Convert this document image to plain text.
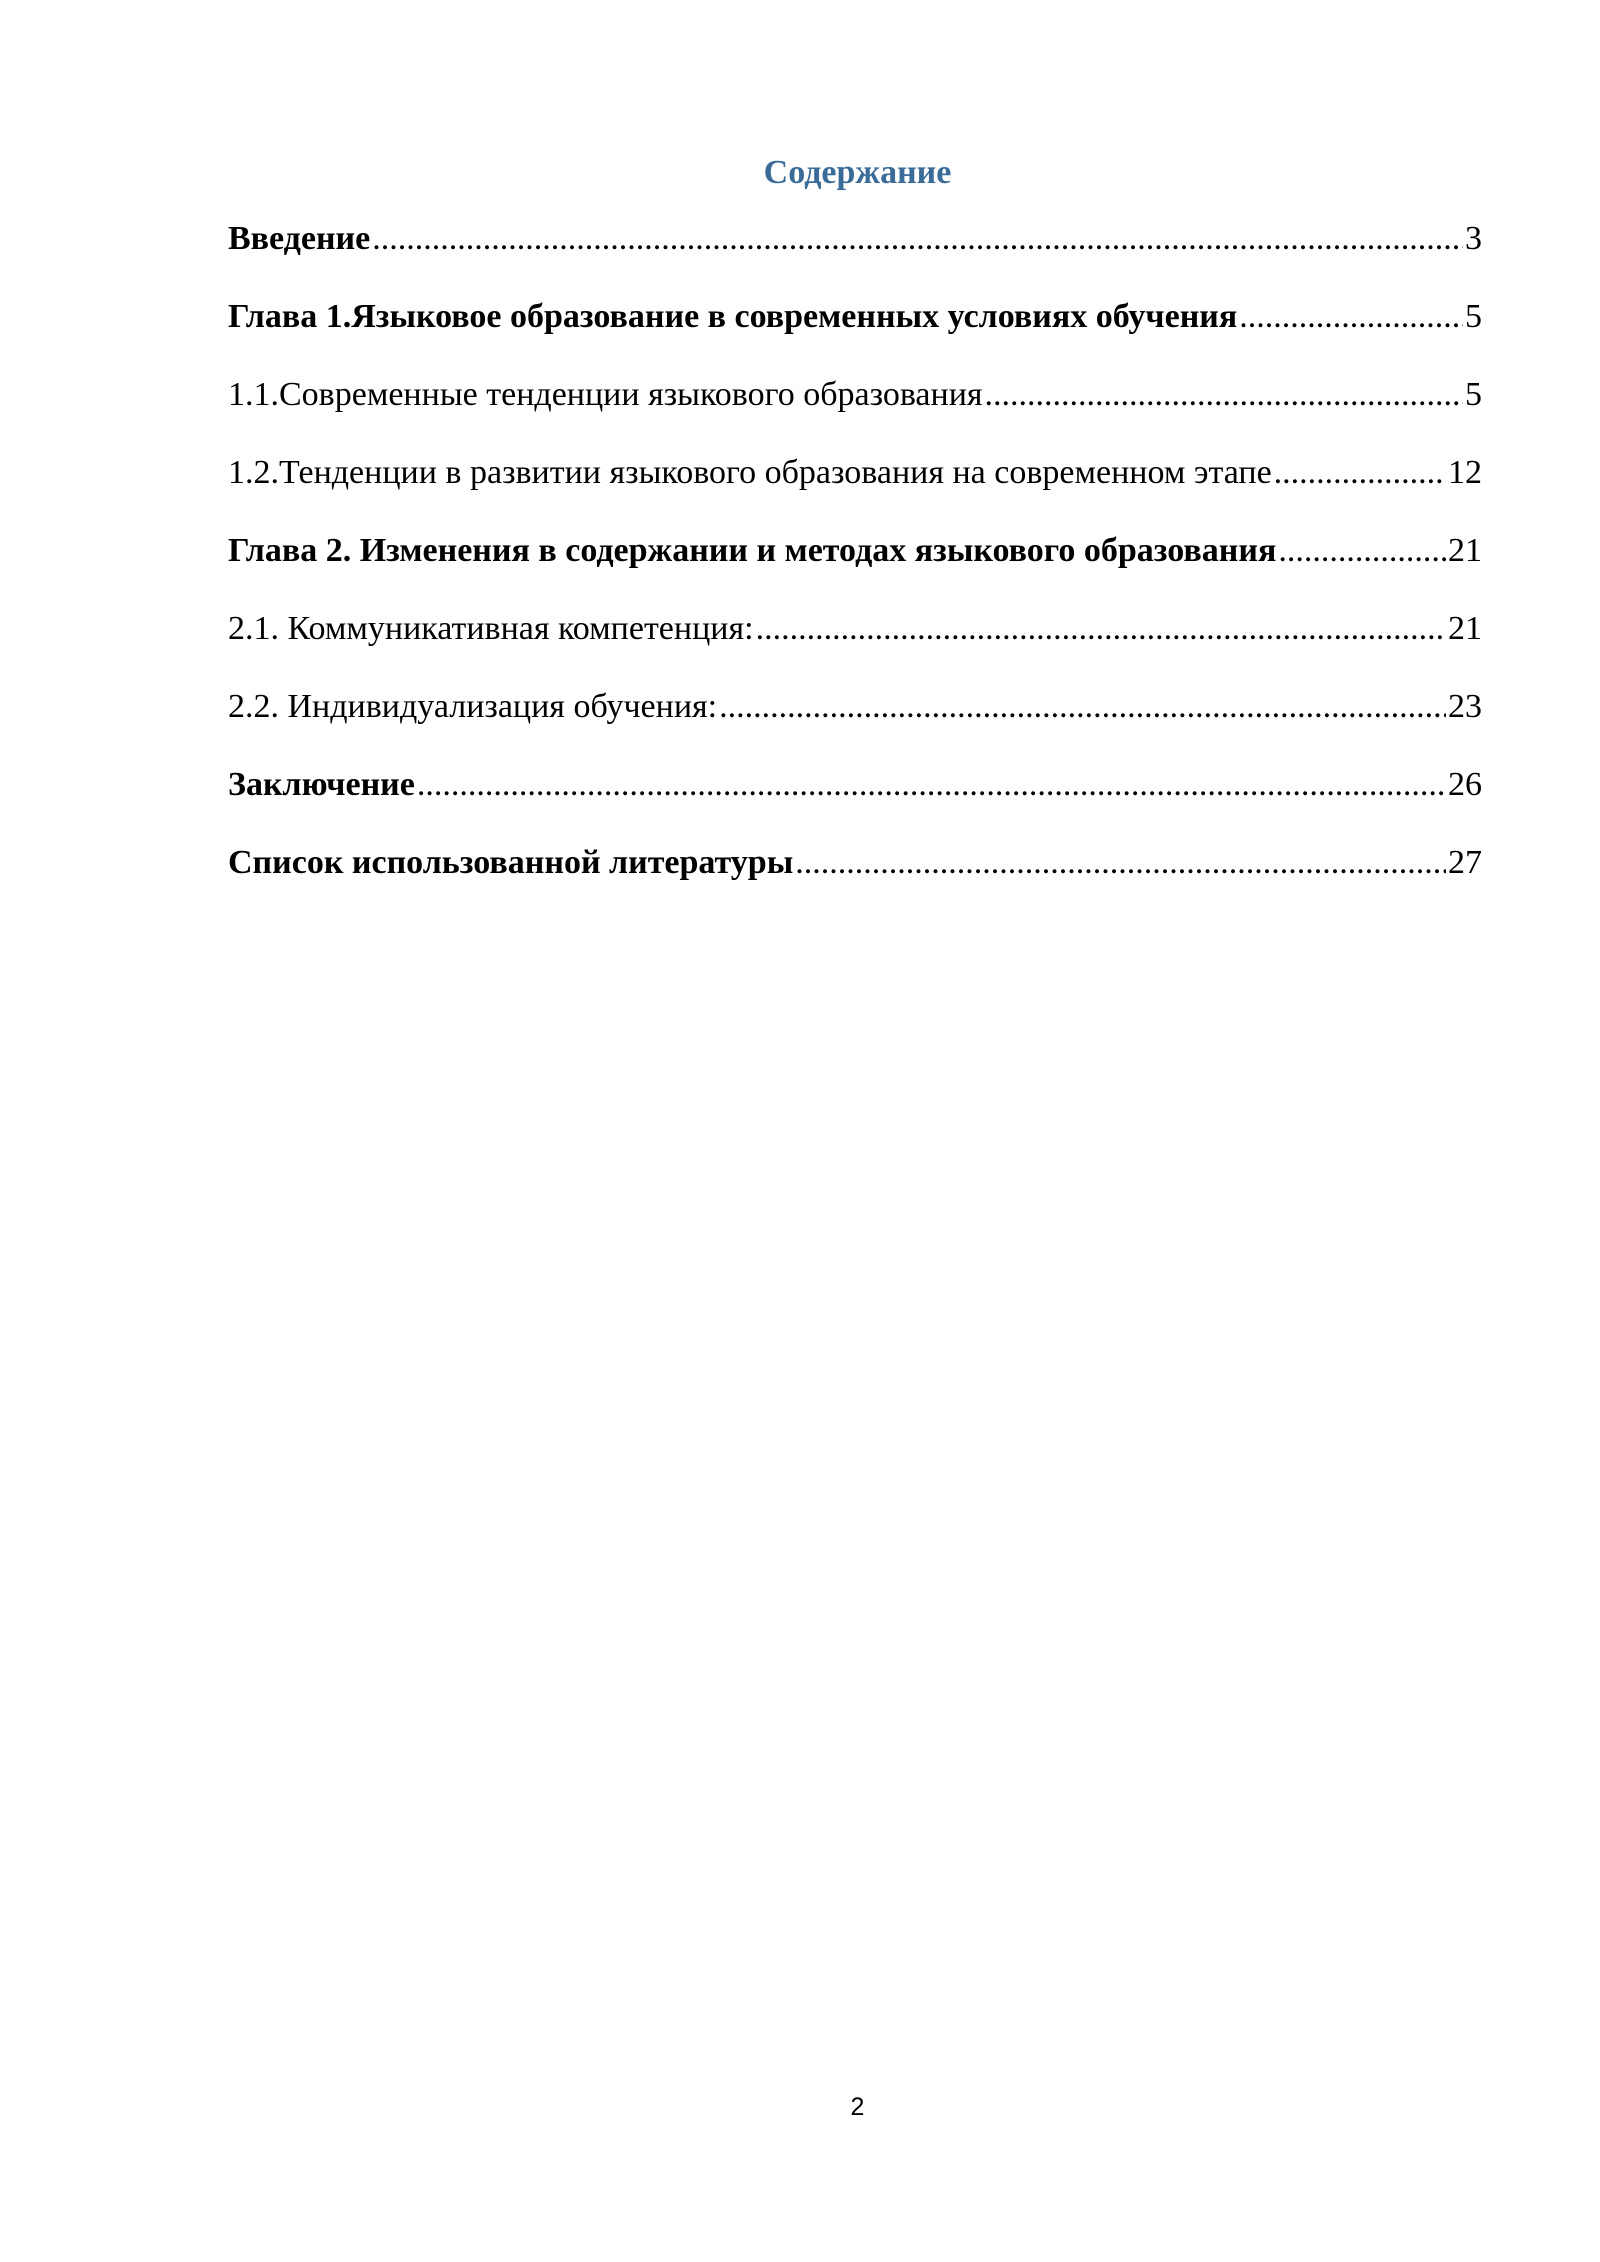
Содержание
Введение .....	3
Глава 1.Языковое образование в современных условиях обучения .....	5
1.1.Современные тенденции языкового образования .....	5
1.2.Тенденции в развитии языкового образования на современном этапе .....	12
Глава 2. Изменения в содержании и методах языкового образования .....	21
2.1. Коммуникативная компетенция: .....	21
2.2. Индивидуализация обучения: .....	23
Заключение .....	26
Список использованной литературы .....	27
2
